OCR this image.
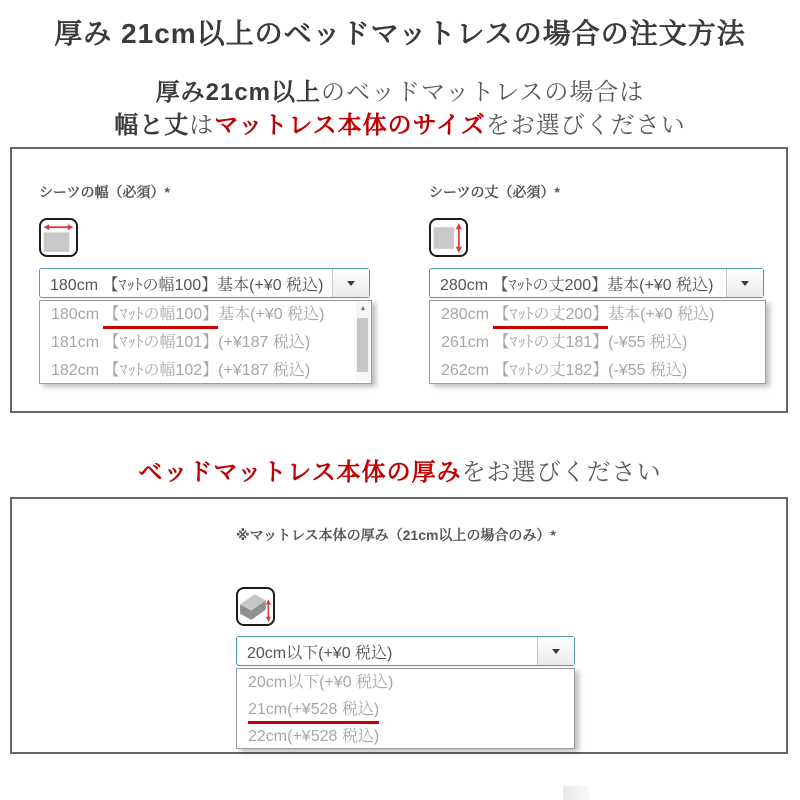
厚み 21cm以上のベッドマットレスの場合の注文方法
厚み21cm以上のベッドマットレスの場合は
幅と丈はマットレス本体のサイズをお選びください
シーツの幅（必須）*
180cm 【ﾏｯﾄの幅100】基本(+¥0 税込)
180cm 【ﾏｯﾄの幅100】基本(+¥0 税込)
181cm 【ﾏｯﾄの幅101】(+¥187 税込)
182cm 【ﾏｯﾄの幅102】(+¥187 税込)
▲
シーツの丈（必須）*
280cm 【ﾏｯﾄの丈200】基本(+¥0 税込)
280cm 【ﾏｯﾄの丈200】基本(+¥0 税込)
261cm 【ﾏｯﾄの丈181】(-¥55 税込)
262cm 【ﾏｯﾄの丈182】(-¥55 税込)
ベッドマットレス本体の厚みをお選びください
※マットレス本体の厚み（21cm以上の場合のみ）*
20cm以下(+¥0 税込)
20cm以下(+¥0 税込)
21cm(+¥528 税込)
22cm(+¥528 税込)
